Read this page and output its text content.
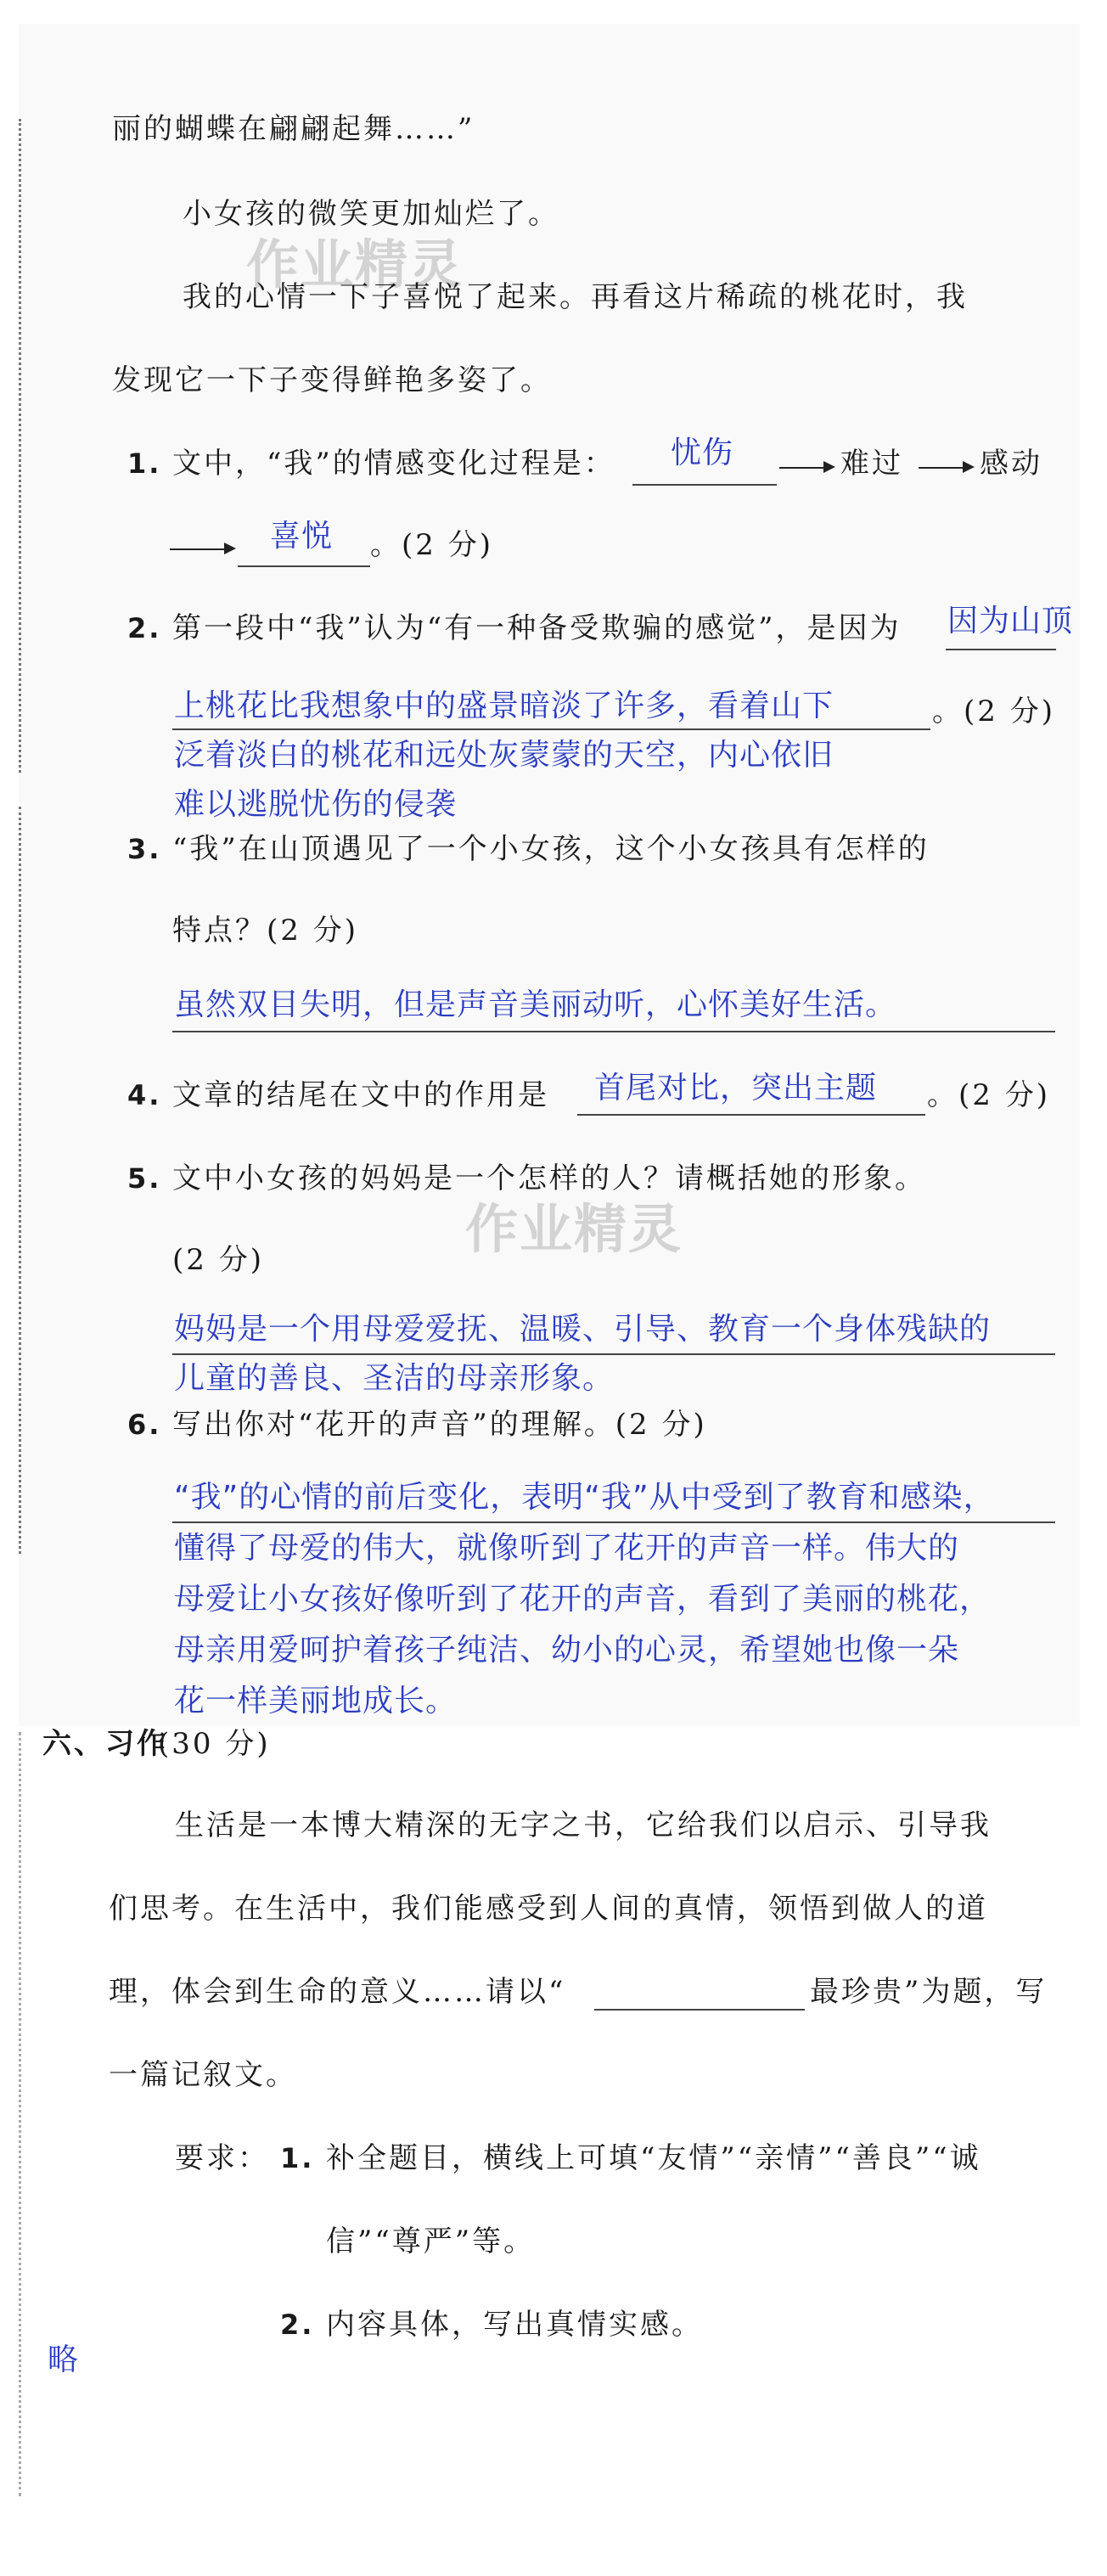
作业精灵
作业精灵
丽的蝴蝶在翩翩起舞……”
小女孩的微笑更加灿烂了。
我的心情一下子喜悦了起来。再看这片稀疏的桃花时，我
发现它一下子变得鲜艳多姿了。
1. 文中，“我”的情感变化过程是： 忧伤	难过	感动
喜悦 。(2 分)
2. 第一段中“我”认为“有一种备受欺骗的感觉”，是因为 因为山顶
上桃花比我想象中的盛景暗淡了许多，看着山下	。(2 分)
泛着淡白的桃花和远处灰蒙蒙的天空，内心依旧
难以逃脱忧伤的侵袭
3. “我”在山顶遇见了一个小女孩，这个小女孩具有怎样的
特点？(2 分)
虽然双目失明，但是声音美丽动听，心怀美好生活。
4. 文章的结尾在文中的作用是 首尾对比，突出主题 。(2 分)
5. 文中小女孩的妈妈是一个怎样的人？请概括她的形象。
(2 分)
妈妈是一个用母爱爱抚、温暖、引导、教育一个身体残缺的
儿童的善良、圣洁的母亲形象。
6. 写出你对“花开的声音”的理解。(2 分)
“我”的心情的前后变化，表明“我”从中受到了教育和感染，
懂得了母爱的伟大，就像听到了花开的声音一样。伟大的
母爱让小女孩好像听到了花开的声音，看到了美丽的桃花，
母亲用爱呵护着孩子纯洁、幼小的心灵，希望她也像一朵
花一样美丽地成长。
六、习作
(30 分)
生活是一本博大精深的无字之书，它给我们以启示、引导我
们思考。在生活中，我们能感受到人间的真情，领悟到做人的道
理，体会到生命的意义……请以“	最珍贵”为题，写
一篇记叙文。
要求： 1. 补全题目，横线上可填“友情”“亲情”“善良”“诚
信”“尊严”等。
2. 内容具体，写出真情实感。
略
